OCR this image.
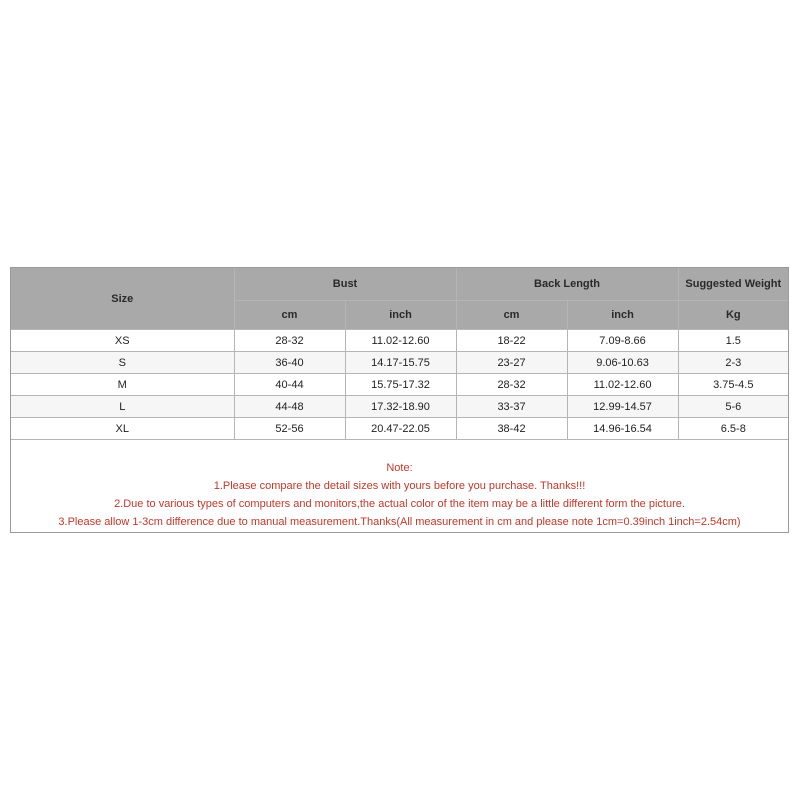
Size	Bust		Back Length		Suggested Weight
	cm	inch	cm	inch	Kg
XS	28-32	11.02-12.60	18-22	7.09-8.66	1.5
S	36-40	14.17-15.75	23-27	9.06-10.63	2-3
M	40-44	15.75-17.32	28-32	11.02-12.60	3.75-4.5
L	44-48	17.32-18.90	33-37	12.99-14.57	5-6
XL	52-56	20.47-22.05	38-42	14.96-16.54	6.5-8
Note:
1.Please compare the detail sizes with yours before you purchase. Thanks!!!
2.Due to various types of computers and monitors,the actual color of the item may be a little different form the picture.
3.Please allow 1-3cm difference due to manual measurement.Thanks(All measurement in cm and please note 1cm=0.39inch 1inch=2.54cm)
